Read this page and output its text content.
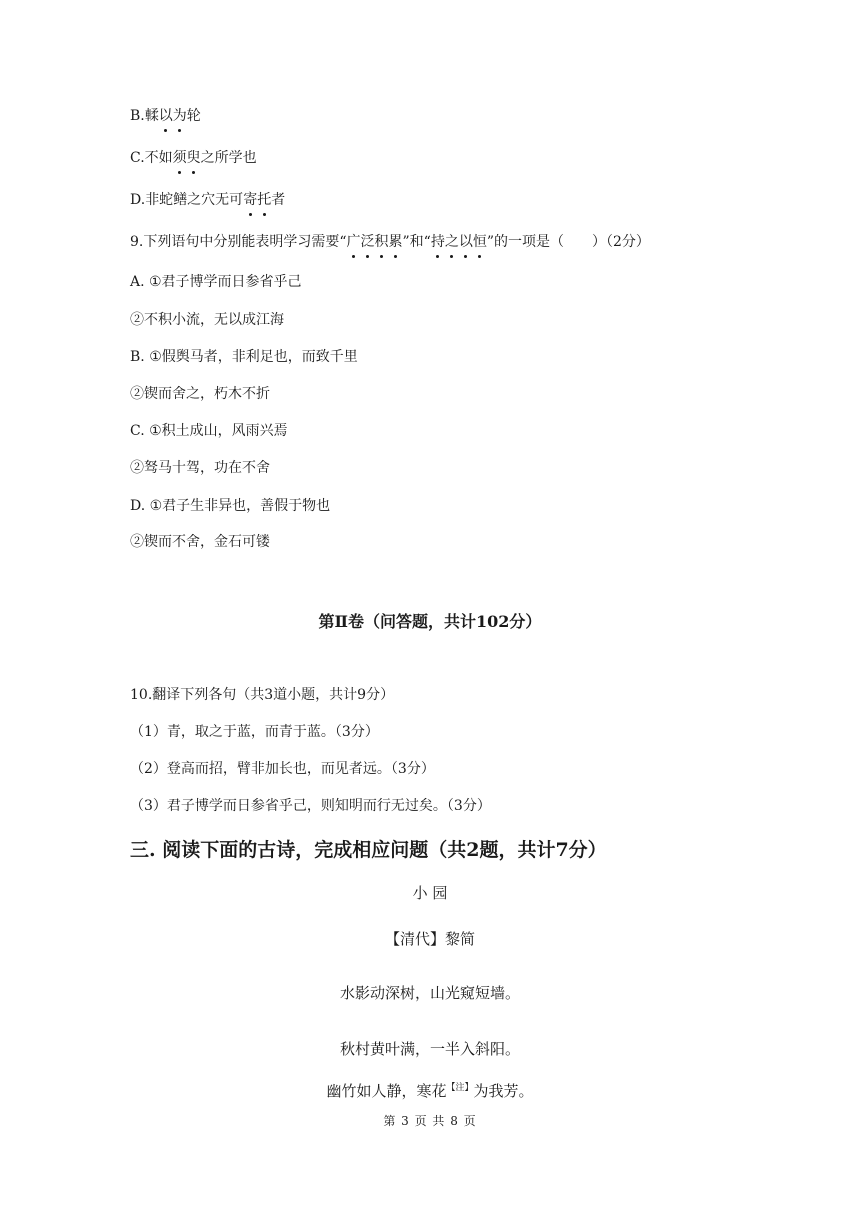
B.輮以为轮
C.不如须臾之所学也
D.非蛇鳝之穴无可寄托者
9.下列语句中分别能表明学习需要“广泛积累”和“持之以恒”的一项是（　　）（2分）
A. ①君子博学而日参省乎己
②不积小流，无以成江海
B. ①假舆马者，非利足也，而致千里
②锲而舍之，朽木不折
C. ①积土成山，风雨兴焉
②驽马十驾，功在不舍
D. ①君子生非异也，善假于物也
②锲而不舍，金石可镂
第Ⅱ卷（问答题，共计102分）
10.翻译下列各句（共3道小题，共计9分）
（1）青，取之于蓝，而青于蓝。（3分）
（2）登高而招，臂非加长也，而见者远。（3分）
（3）君子博学而日参省乎己，则知明而行无过矣。（3分）
三. 阅读下面的古诗，完成相应问题（共2题，共计7分）
小 园
【清代】黎简
水影动深树，山光窥短墙。
秋村黄叶满，一半入斜阳。
幽竹如人静，寒花$^{【注】}$为我芳。
第 3 页 共 8 页
